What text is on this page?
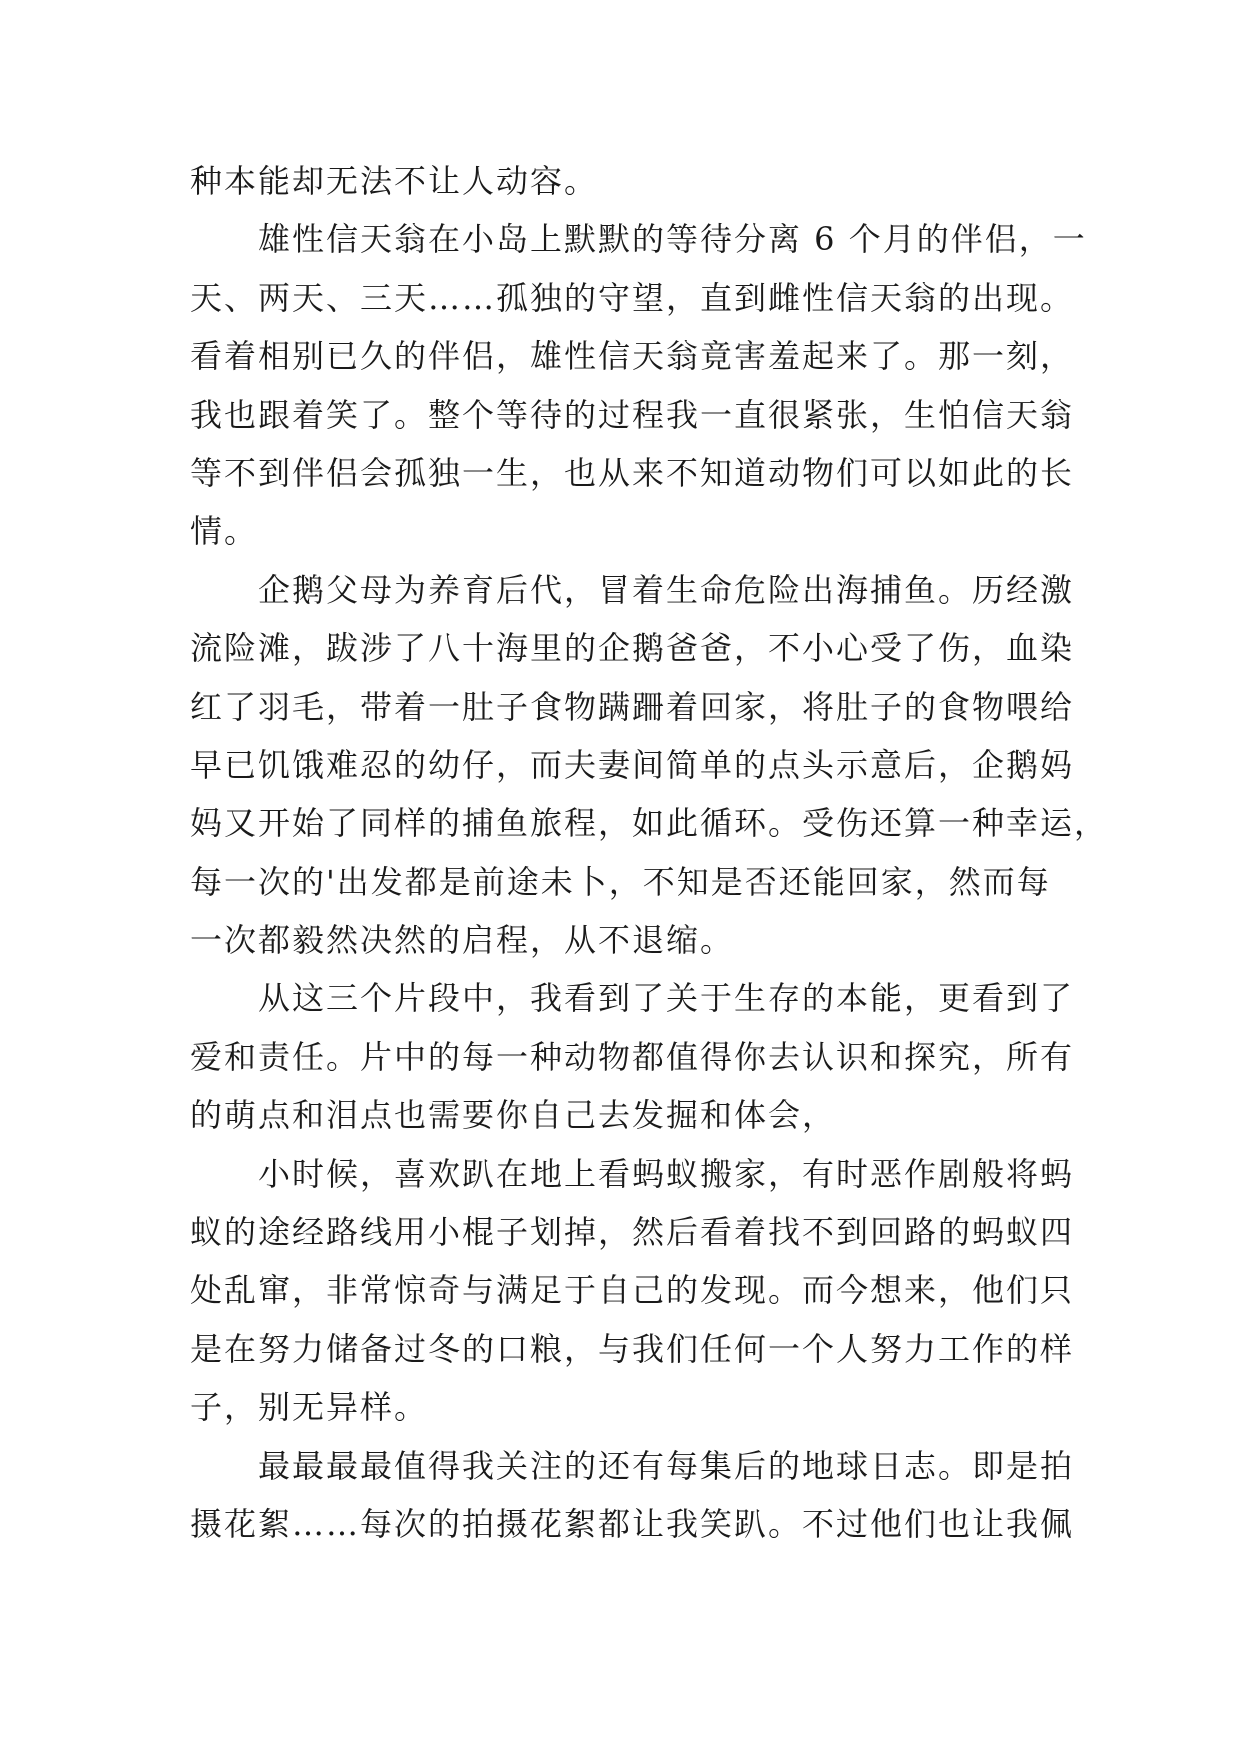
种本能却无法不让人动容。
　　雄性信天翁在小岛上默默的等待分离 6 个月的伴侣，一
天、两天、三天……孤独的守望，直到雌性信天翁的出现。
看着相别已久的伴侣，雄性信天翁竟害羞起来了。那一刻，
我也跟着笑了。整个等待的过程我一直很紧张，生怕信天翁
等不到伴侣会孤独一生，也从来不知道动物们可以如此的长
情。
　　企鹅父母为养育后代，冒着生命危险出海捕鱼。历经激
流险滩，跋涉了八十海里的企鹅爸爸，不小心受了伤，血染
红了羽毛，带着一肚子食物蹒跚着回家，将肚子的食物喂给
早已饥饿难忍的幼仔，而夫妻间简单的点头示意后，企鹅妈
妈又开始了同样的捕鱼旅程，如此循环。受伤还算一种幸运，
每一次的'出发都是前途未卜，不知是否还能回家，然而每
一次都毅然决然的启程，从不退缩。
　　从这三个片段中，我看到了关于生存的本能，更看到了
爱和责任。片中的每一种动物都值得你去认识和探究，所有
的萌点和泪点也需要你自己去发掘和体会，
　　小时候，喜欢趴在地上看蚂蚁搬家，有时恶作剧般将蚂
蚁的途经路线用小棍子划掉，然后看着找不到回路的蚂蚁四
处乱窜，非常惊奇与满足于自己的发现。而今想来，他们只
是在努力储备过冬的口粮，与我们任何一个人努力工作的样
子，别无异样。
　　最最最最值得我关注的还有每集后的地球日志。即是拍
摄花絮……每次的拍摄花絮都让我笑趴。不过他们也让我佩
